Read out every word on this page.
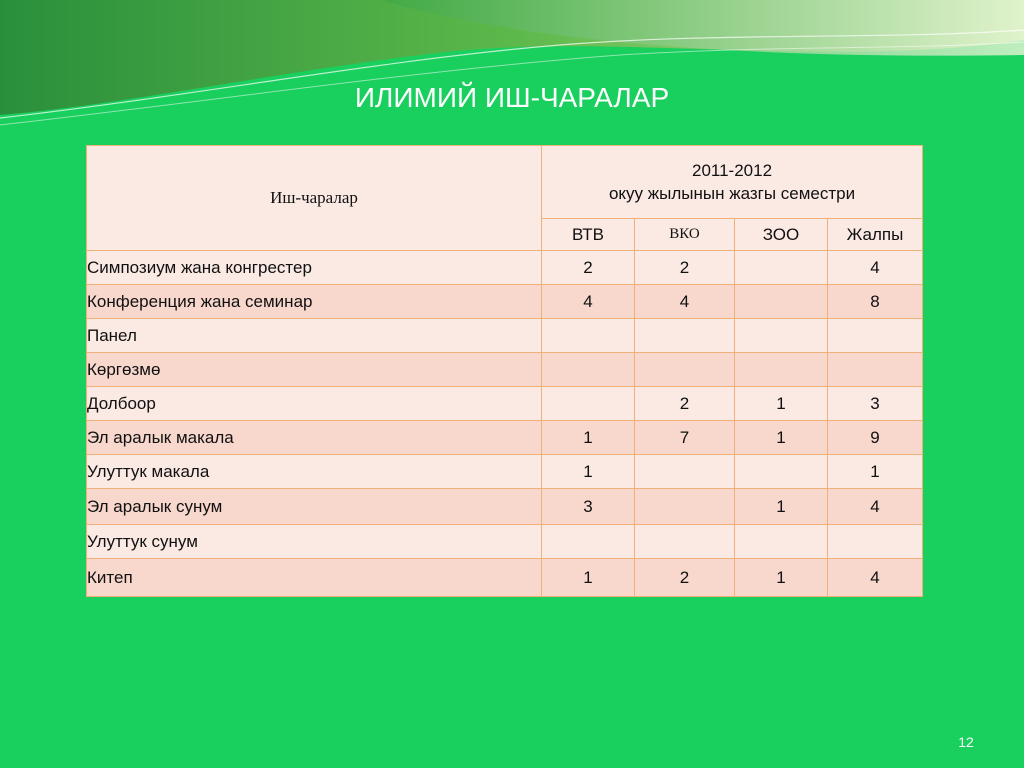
ИЛИМИЙ ИШ-ЧАРАЛАР
Иш-чаралар	2011-2012
окуу жылынын жазгы семестри			

	ВТВ	ВКО	ЗОО	Жалпы
Симпозиум жана конгрестер	2	2		4
Конференция жана семинар	4	4		8
Панел				
Көргөзмө				
Долбоор		2	1	3
Эл аралык макала	1	7	1	9
Улуттук макала	1			1
Эл аралык сунум	3		1	4
Улуттук сунум				
Китеп	1	2	1	4
12
